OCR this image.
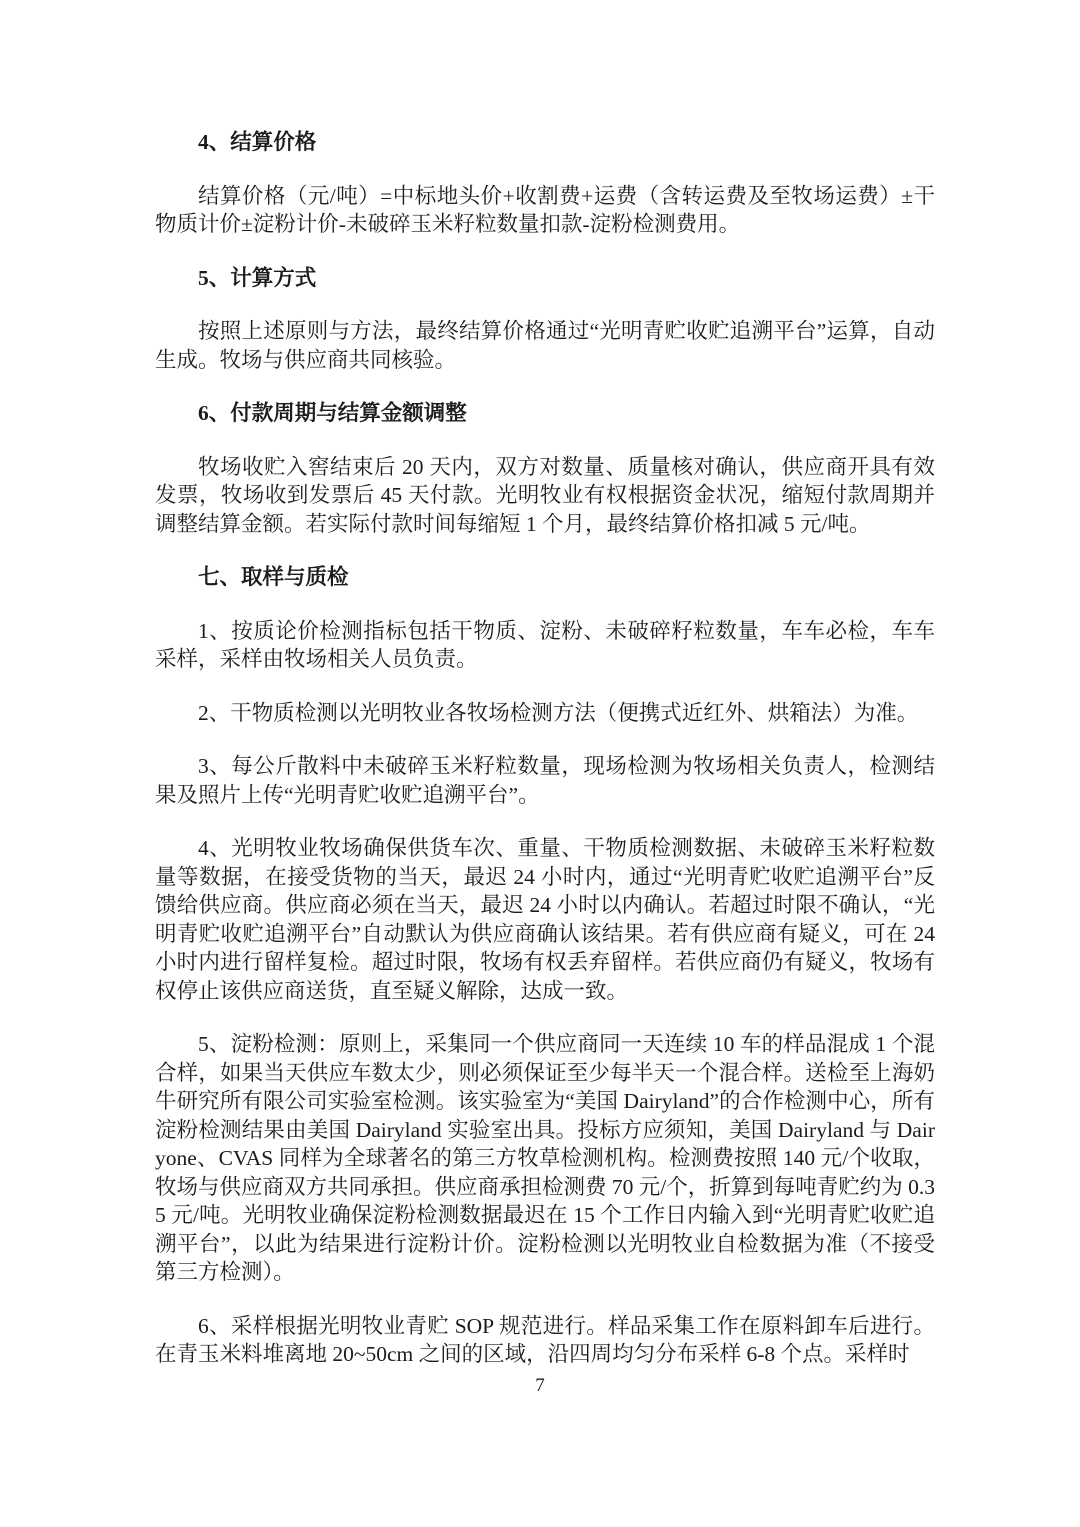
4、结算价格

结算价格（元/吨）=中标地头价+收割费+运费（含转运费及至牧场运费）±干物质计价±淀粉计价-未破碎玉米籽粒数量扣款-淀粉检测费用。

5、计算方式

按照上述原则与方法，最终结算价格通过“光明青贮收贮追溯平台”运算，自动生成。牧场与供应商共同核验。

6、付款周期与结算金额调整

牧场收贮入窖结束后 20 天内，双方对数量、质量核对确认，供应商开具有效发票，牧场收到发票后 45 天付款。光明牧业有权根据资金状况，缩短付款周期并调整结算金额。若实际付款时间每缩短 1 个月，最终结算价格扣减 5 元/吨。

七、取样与质检

1、按质论价检测指标包括干物质、淀粉、未破碎籽粒数量，车车必检，车车采样，采样由牧场相关人员负责。

2、干物质检测以光明牧业各牧场检测方法（便携式近红外、烘箱法）为准。

3、每公斤散料中未破碎玉米籽粒数量，现场检测为牧场相关负责人，检测结果及照片上传“光明青贮收贮追溯平台”。

4、光明牧业牧场确保供货车次、重量、干物质检测数据、未破碎玉米籽粒数量等数据，在接受货物的当天，最迟 24 小时内，通过“光明青贮收贮追溯平台”反馈给供应商。供应商必须在当天，最迟 24 小时以内确认。若超过时限不确认，“光明青贮收贮追溯平台”自动默认为供应商确认该结果。若有供应商有疑义，可在 24 小时内进行留样复检。超过时限，牧场有权丢弃留样。若供应商仍有疑义，牧场有权停止该供应商送货，直至疑义解除，达成一致。

5、淀粉检测：原则上，采集同一个供应商同一天连续 10 车的样品混成 1 个混合样，如果当天供应车数太少，则必须保证至少每半天一个混合样。送检至上海奶牛研究所有限公司实验室检测。该实验室为“美国 Dairyland”的合作检测中心，所有淀粉检测结果由美国 Dairyland 实验室出具。投标方应须知，美国 Dairyland 与 Dairyone、CVAS 同样为全球著名的第三方牧草检测机构。检测费按照 140 元/个收取，牧场与供应商双方共同承担。供应商承担检测费 70 元/个，折算到每吨青贮约为 0.35 元/吨。光明牧业确保淀粉检测数据最迟在 15 个工作日内输入到“光明青贮收贮追溯平台”，以此为结果进行淀粉计价。淀粉检测以光明牧业自检数据为准（不接受第三方检测）。

6、采样根据光明牧业青贮 SOP 规范进行。样品采集工作在原料卸车后进行。在青玉米料堆离地 20~50cm 之间的区域，沿四周均匀分布采样 6-8 个点。采样时

7
